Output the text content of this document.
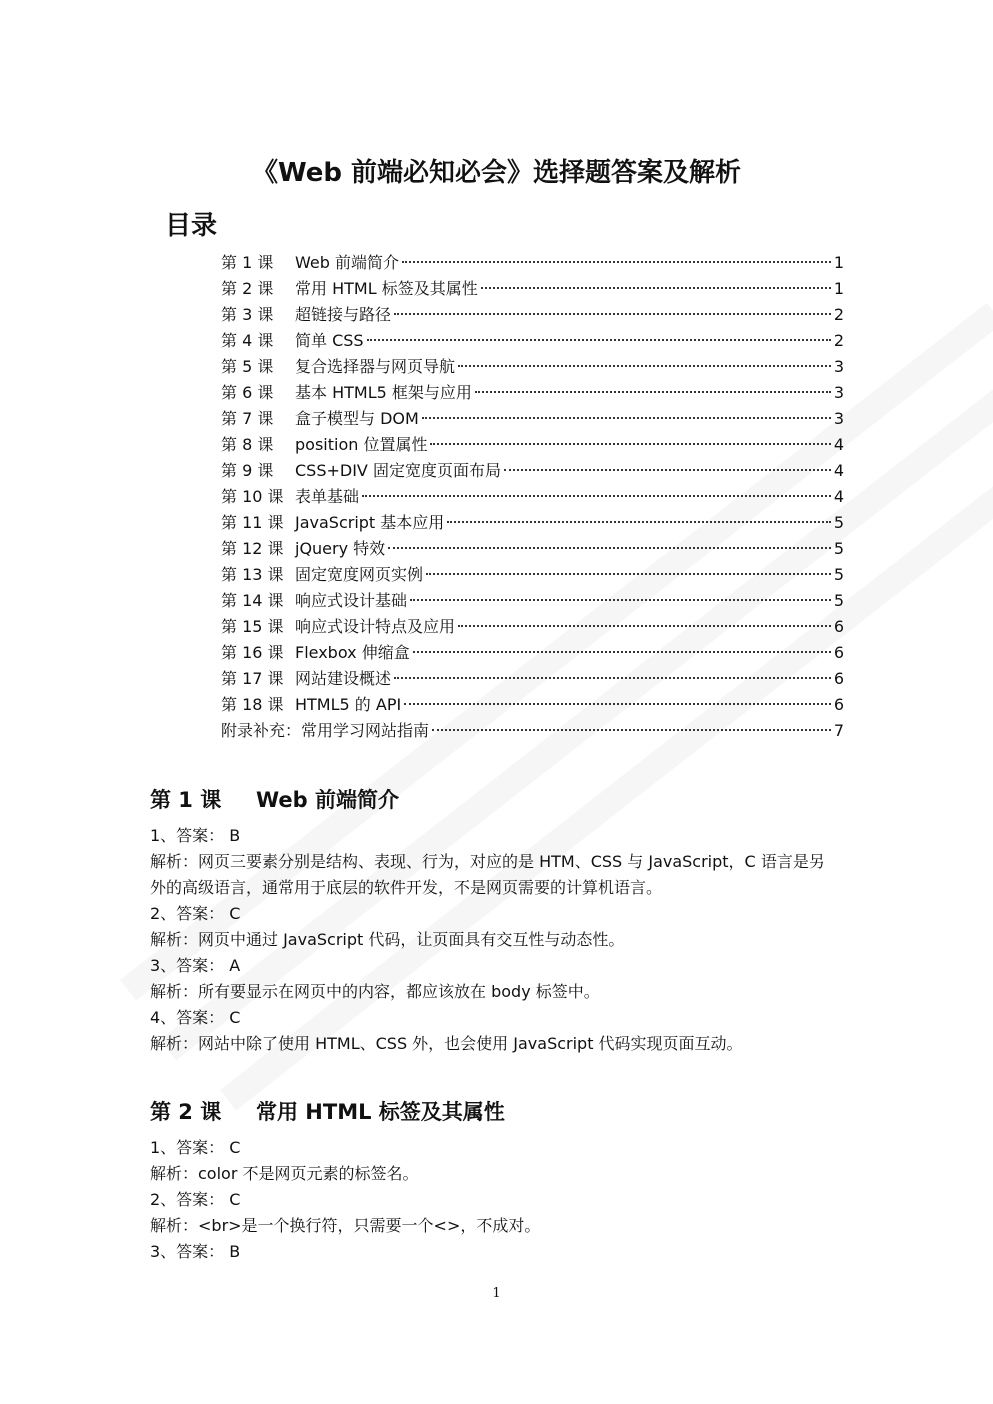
《Web 前端必知必会》选择题答案及解析
目录
第 1 课	Web 前端简介	1
第 2 课	常用 HTML 标签及其属性	1
第 3 课	超链接与路径	2
第 4 课	简单 CSS	2
第 5 课	复合选择器与网页导航	3
第 6 课	基本 HTML5 框架与应用	3
第 7 课	盒子模型与 DOM	3
第 8 课	position 位置属性	4
第 9 课	CSS+DIV 固定宽度页面布局	4
第 10 课 表单基础	4
第 11 课 JavaScript 基本应用	5
第 12 课 jQuery 特效	5
第 13 课 固定宽度网页实例	5
第 14 课 响应式设计基础	5
第 15 课 响应式设计特点及应用	6
第 16 课 Flexbox 伸缩盒	6
第 17 课 网站建设概述	6
第 18 课 HTML5 的 API	6
附录补充：常用学习网站指南	7
第 1 课 Web 前端简介
1、答案： B
解析：网页三要素分别是结构、表现、行为，对应的是 HTM、CSS 与 JavaScript，C 语言是另
外的高级语言，通常用于底层的软件开发，不是网页需要的计算机语言。
2、答案： C
解析：网页中通过 JavaScript 代码，让页面具有交互性与动态性。
3、答案： A
解析：所有要显示在网页中的内容，都应该放在 body 标签中。
4、答案： C
解析：网站中除了使用 HTML、CSS 外，也会使用 JavaScript 代码实现页面互动。
第 2 课 常用 HTML 标签及其属性
1、答案： C
解析：color 不是网页元素的标签名。
2、答案： C
解析：<br>是一个换行符，只需要一个<>，不成对。
3、答案： B
1
